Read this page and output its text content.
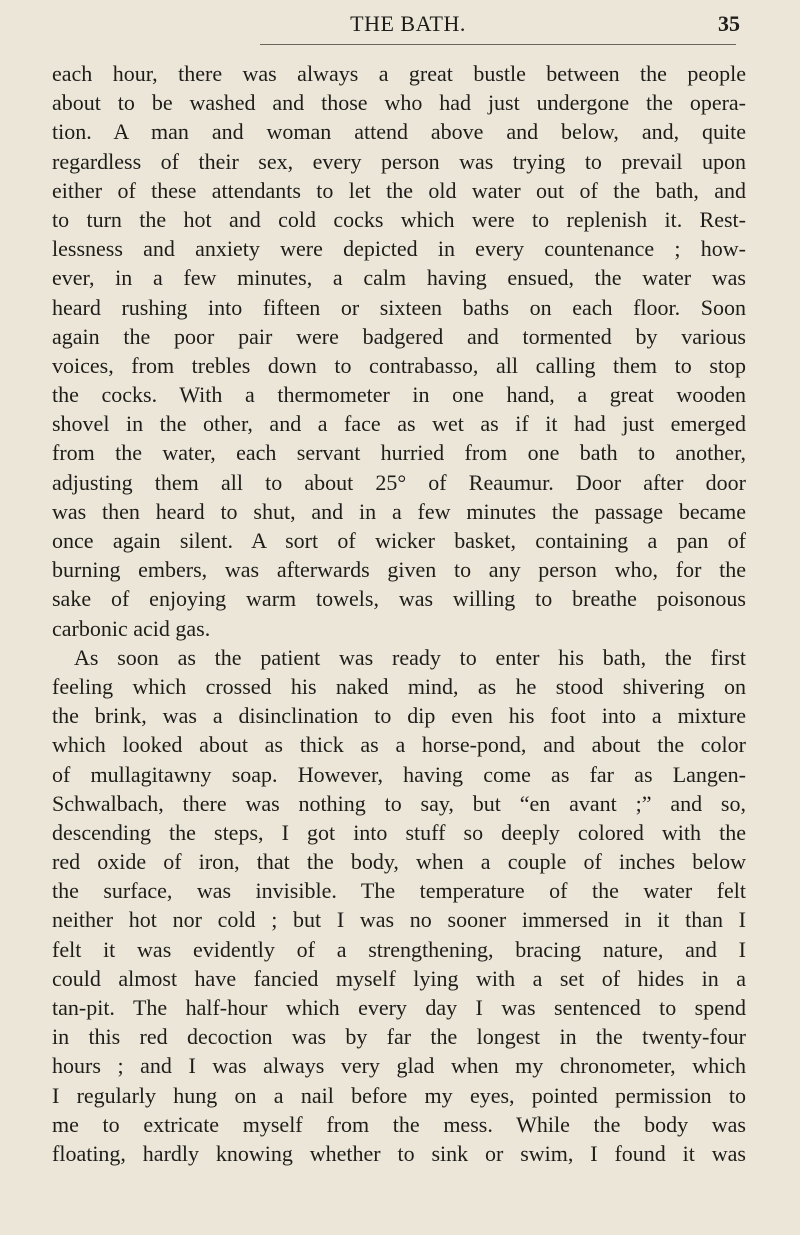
THE BATH.	35
each hour, there was always a great bustle between the people
about to be washed and those who had just undergone the opera-
tion. A man and woman attend above and below, and, quite
regardless of their sex, every person was trying to prevail upon
either of these attendants to let the old water out of the bath, and
to turn the hot and cold cocks which were to replenish it. Rest-
lessness and anxiety were depicted in every countenance ; how-
ever, in a few minutes, a calm having ensued, the water was
heard rushing into fifteen or sixteen baths on each floor. Soon
again the poor pair were badgered and tormented by various
voices, from trebles down to contrabasso, all calling them to stop
the cocks. With a thermometer in one hand, a great wooden
shovel in the other, and a face as wet as if it had just emerged
from the water, each servant hurried from one bath to another,
adjusting them all to about 25° of Reaumur. Door after door
was then heard to shut, and in a few minutes the passage became
once again silent. A sort of wicker basket, containing a pan of
burning embers, was afterwards given to any person who, for the
sake of enjoying warm towels, was willing to breathe poisonous
carbonic acid gas.
As soon as the patient was ready to enter his bath, the first
feeling which crossed his naked mind, as he stood shivering on
the brink, was a disinclination to dip even his foot into a mixture
which looked about as thick as a horse-pond, and about the color
of mullagitawny soap. However, having come as far as Langen-
Schwalbach, there was nothing to say, but “en avant ;” and so,
descending the steps, I got into stuff so deeply colored with the
red oxide of iron, that the body, when a couple of inches below
the surface, was invisible. The temperature of the water felt
neither hot nor cold ; but I was no sooner immersed in it than I
felt it was evidently of a strengthening, bracing nature, and I
could almost have fancied myself lying with a set of hides in a
tan-pit. The half-hour which every day I was sentenced to spend
in this red decoction was by far the longest in the twenty-four
hours ; and I was always very glad when my chronometer, which
I regularly hung on a nail before my eyes, pointed permission to
me to extricate myself from the mess. While the body was
floating, hardly knowing whether to sink or swim, I found it was
